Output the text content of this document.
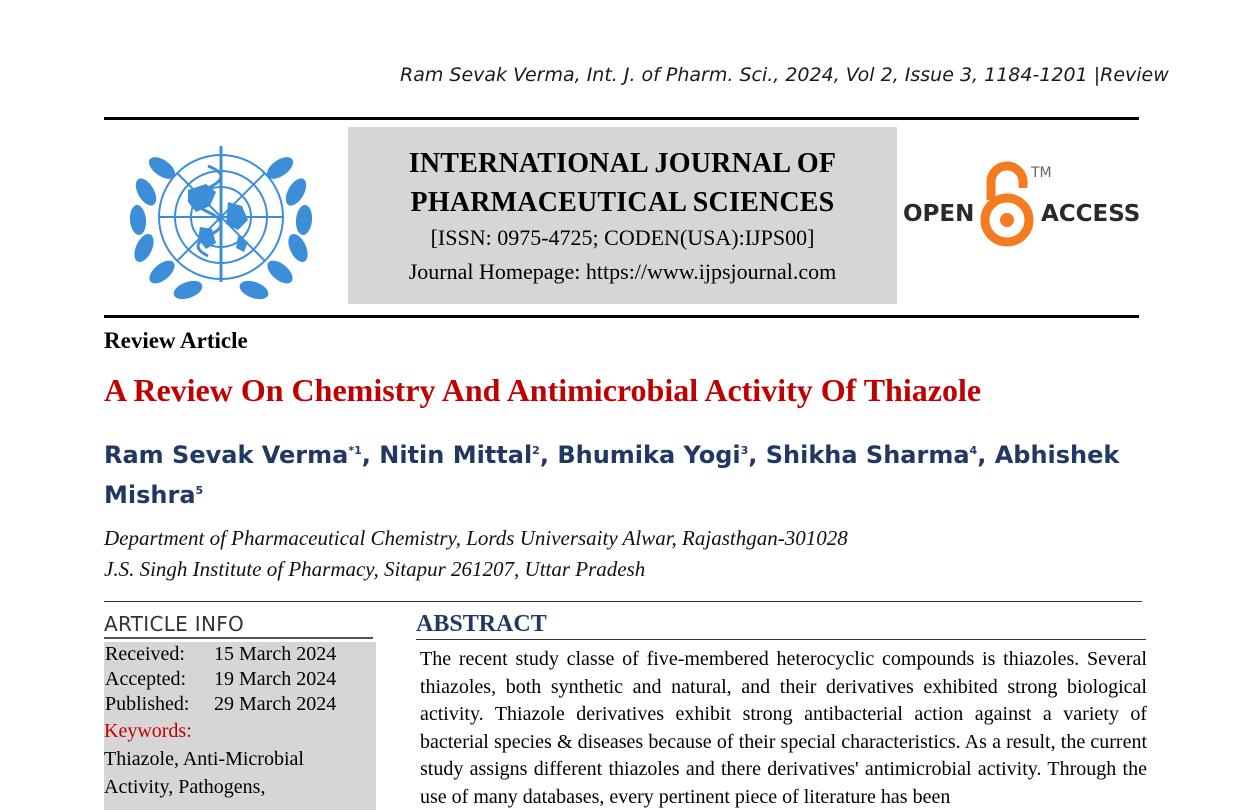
Ram Sevak Verma, Int. J. of Pharm. Sci., 2024, Vol 2, Issue 3, 1184-1201 |Review
INTERNATIONAL JOURNAL OF
PHARMACEUTICAL SCIENCES
[ISSN: 0975-4725; CODEN(USA):IJPS00]
Journal Homepage: https://www.ijpsjournal.com
OPEN	ACCESS
TM
Review Article
A Review On Chemistry And Antimicrobial Activity Of Thiazole
Ram Sevak Verma$^{*1}$, Nitin Mittal$^2$, Bhumika Yogi$^3$, Shikha Sharma$^4$, Abhishek Mishra$^5$
Department of Pharmaceutical Chemistry, Lords Universaity Alwar, Rajasthgan-301028
J.S. Singh Institute of Pharmacy, Sitapur 261207, Uttar Pradesh
ARTICLE INFO
Received:	15 March 2024
Accepted:	19 March 2024
Published:	29 March 2024
Keywords:
Thiazole, Anti-Microbial
Activity, Pathogens,
ABSTRACT
The recent study classe of five-membered heterocyclic compounds is thiazoles. Several thiazoles, both synthetic and natural, and their derivatives exhibited strong biological activity. Thiazole derivatives exhibit strong antibacterial action against a variety of bacterial species & diseases because of their special characteristics. As a result, the current study assigns different thiazoles and there derivatives' antimicrobial activity. Through the use of many databases, every pertinent piece of literature has been
